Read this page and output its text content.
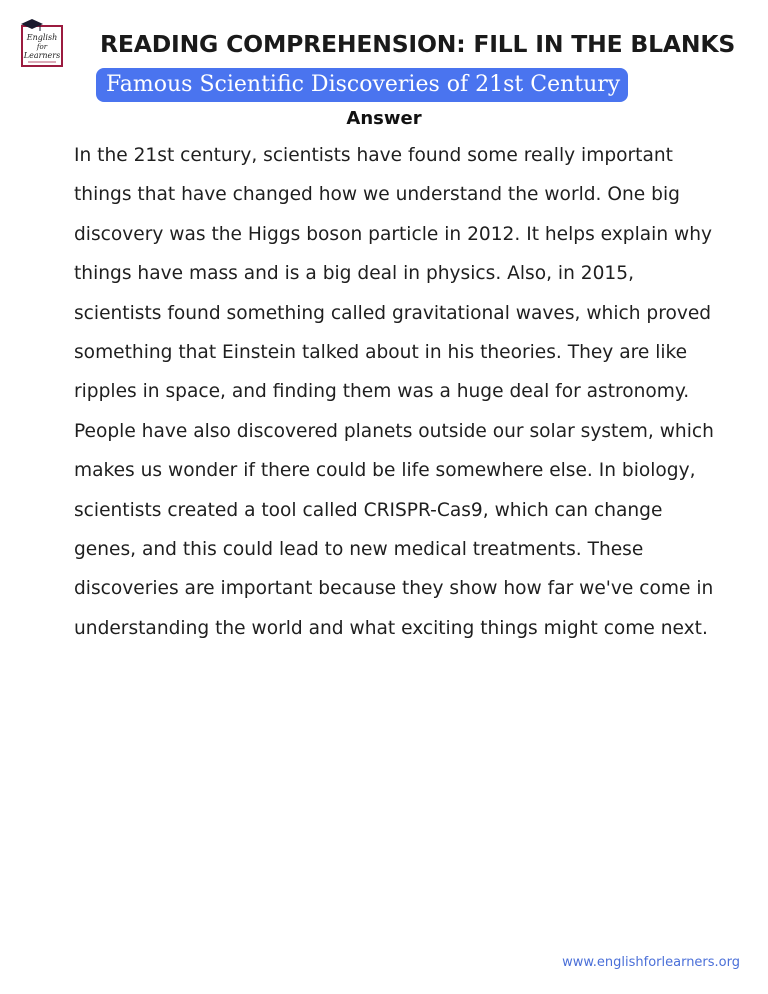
English
for
Learners READING COMPREHENSION: FILL IN THE BLANKS
Famous Scientific Discoveries of 21st Century
Answer

In the 21st century, scientists have found some really important things that have changed how we understand the world. One big discovery was the Higgs boson particle in 2012. It helps explain why things have mass and is a big deal in physics. Also, in 2015, scientists found something called gravitational waves, which proved something that Einstein talked about in his theories. They are like ripples in space, and finding them was a huge deal for astronomy. People have also discovered planets outside our solar system, which makes us wonder if there could be life somewhere else. In biology, scientists created a tool called CRISPR-Cas9, which can change genes, and this could lead to new medical treatments. These discoveries are important because they show how far we've come in understanding the world and what exciting things might come next.

www.englishforlearners.org
